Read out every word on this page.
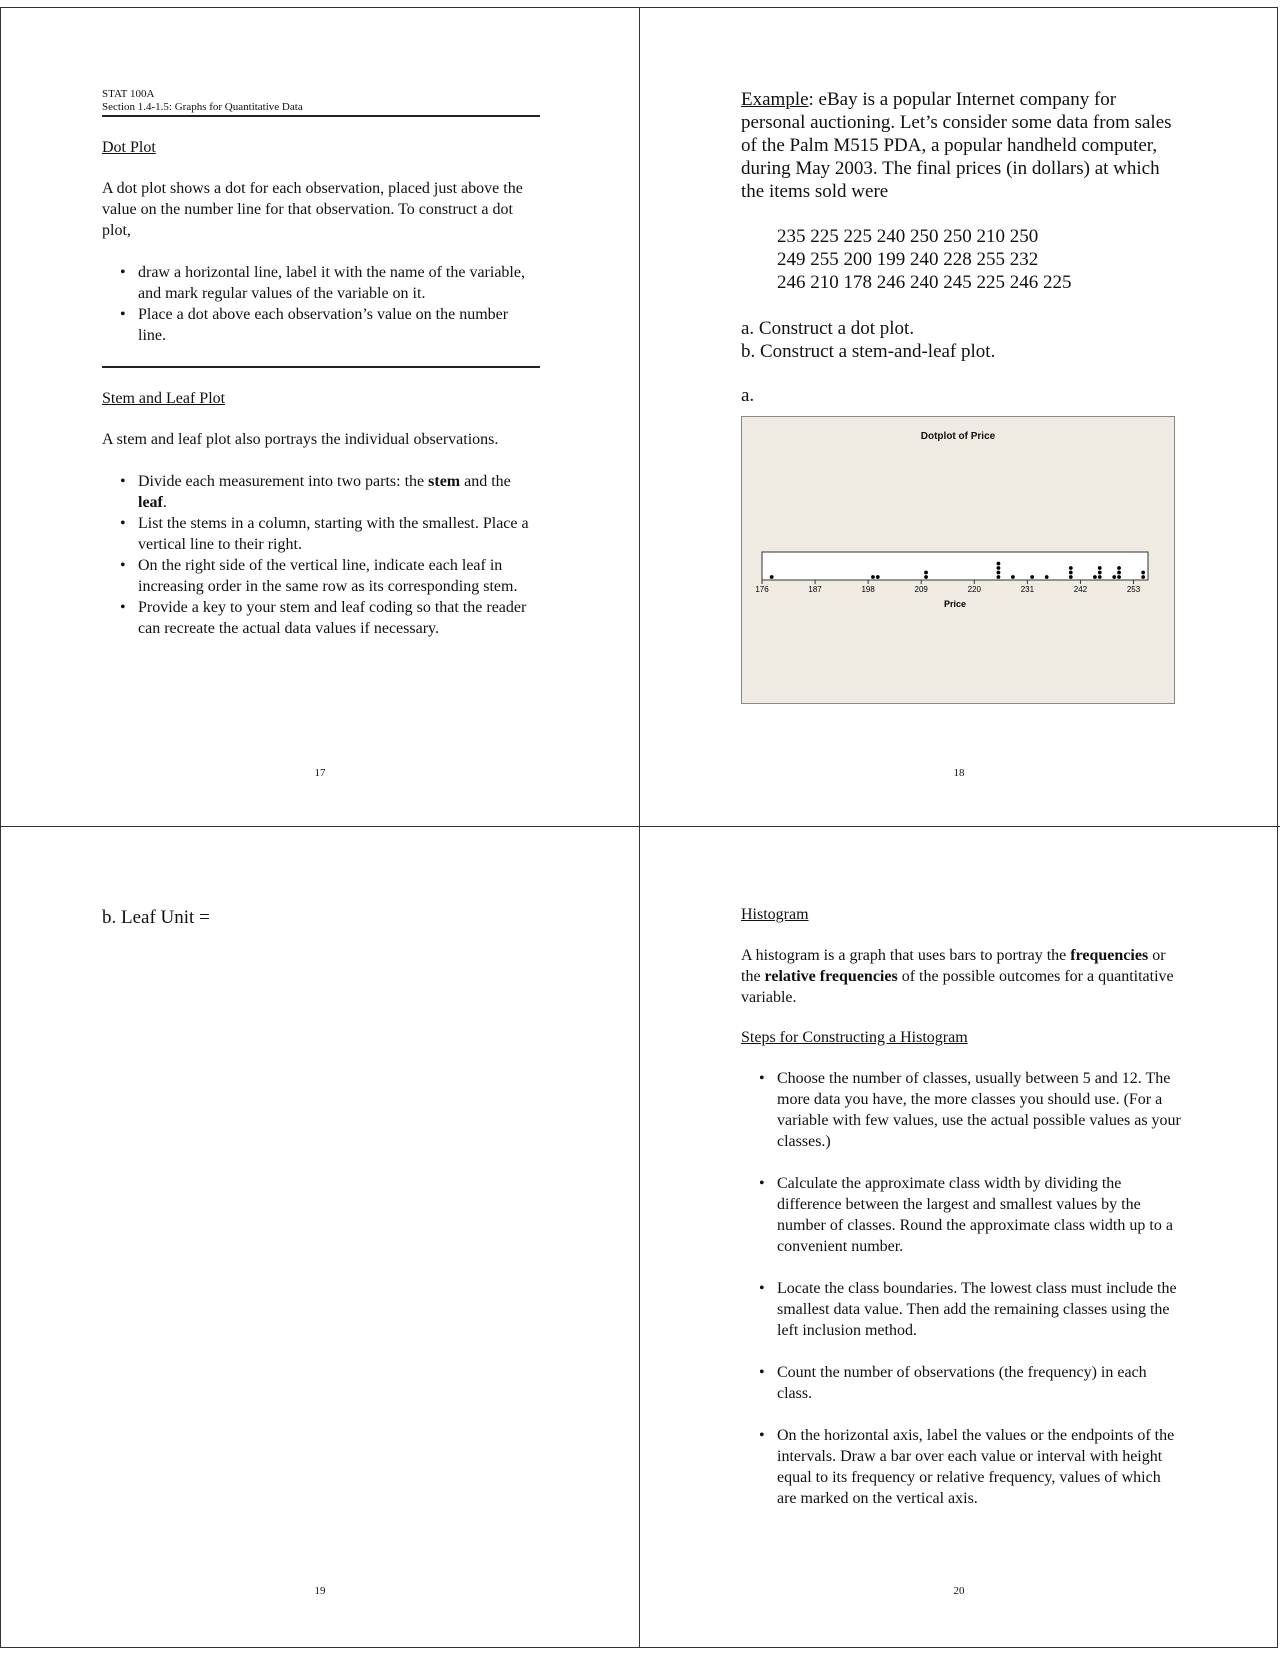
STAT 100A
Section 1.4-1.5: Graphs for Quantitative Data
Dot Plot
A dot plot shows a dot for each observation, placed just above the value on the number line for that observation. To construct a dot plot,
• draw a horizontal line, label it with the name of the variable, and mark regular values of the variable on it.
• Place a dot above each observation’s value on the number line.
Stem and Leaf Plot
A stem and leaf plot also portrays the individual observations.
• Divide each measurement into two parts: the stem and the leaf.
• List the stems in a column, starting with the smallest. Place a vertical line to their right.
• On the right side of the vertical line, indicate each leaf in increasing order in the same row as its corresponding stem.
• Provide a key to your stem and leaf coding so that the reader can recreate the actual data values if necessary.
17
Example: eBay is a popular Internet company for personal auctioning. Let’s consider some data from sales of the Palm M515 PDA, a popular handheld computer, during May 2003. The final prices (in dollars) at which the items sold were
235 225 225 240 250 250 210 250
249 255 200 199 240 228 255 232
246 210 178 246 240 245 225 246 225
a. Construct a dot plot.
b. Construct a stem-and-leaf plot.
a.
Dotplot of Price
176	187	198	209	220	231	242	253
Price
18
b. Leaf Unit =
19
Histogram
A histogram is a graph that uses bars to portray the frequencies or the relative frequencies of the possible outcomes for a quantitative variable.
Steps for Constructing a Histogram
• Choose the number of classes, usually between 5 and 12. The more data you have, the more classes you should use. (For a variable with few values, use the actual possible values as your classes.)
• Calculate the approximate class width by dividing the difference between the largest and smallest values by the number of classes. Round the approximate class width up to a convenient number.
• Locate the class boundaries. The lowest class must include the smallest data value. Then add the remaining classes using the left inclusion method.
• Count the number of observations (the frequency) in each class.
• On the horizontal axis, label the values or the endpoints of the intervals. Draw a bar over each value or interval with height equal to its frequency or relative frequency, values of which are marked on the vertical axis.
20
